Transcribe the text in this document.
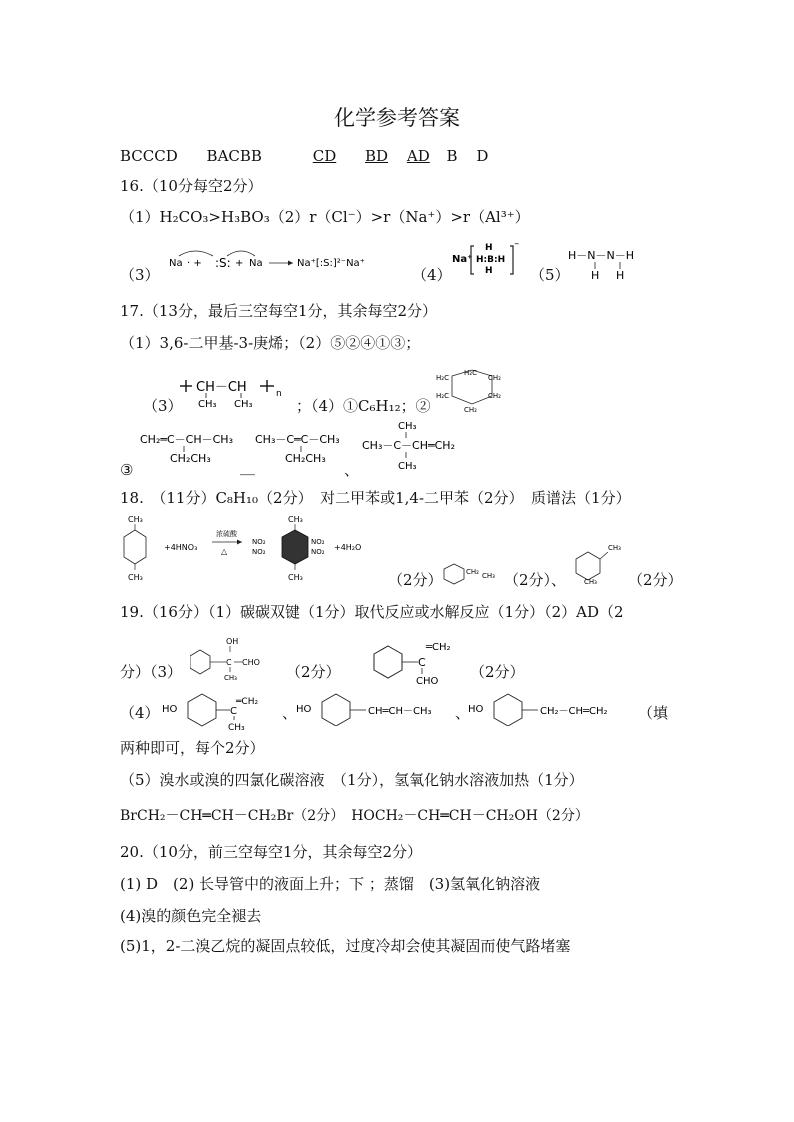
化学参考答案
BCCCD BACBB	CD BD AD B D
16.（10分每空2分）
（1）H₂CO₃>H₃BO₃（2）r（Cl⁻）>r（Na⁺）>r（Al³⁺）
（3）
Na · + :S: + Na	Na⁺[:S:]²⁻Na⁺
（4）
Na⁺
H
H:B:H
H
⁻
（5）
H－N－N－H
H H
17.（13分，最后三空每空1分，其余每空2分）
（1）3,6-二甲基-3-庚烯；（2）⑤②④①③；
（3）
CH－CH	n
CH₃ CH₃	；（4）①C₆H₁₂；②
H₂C
H₂C	CH₂
H₂C	CH₂
CH₂
CH₂═C－CH－CH₃
CH₂CH₃
CH₃－C═C－CH₃
CH₂CH₃
CH₃
CH₃－C－CH═CH₂
CH₃
③	＿	、
18.　（11分）C₈H₁₀（2分）　对二甲苯或1,4-二甲苯（2分）　质谱法（1分）
CH₃
CH₃
+4HNO₃
浓硫酸
△
CH₃
CH₃
NO₂
NO₂
NO₂
NO₂ +4H₂O
（2分）	CH₂ CH₃ （2分）、
CH₃
CH₃ （2分）
19.（16分）（1）碳碳双键（1分）取代反应或水解反应（1分）（2）AD（2
分）（3）
OH
C CHO
CH₃	（2分）
C
═CH₂
CHO
（2分）
（4） HO	C
═CH₂
CH₃
、
HO	CH═CH－CH₃ 、
HO	CH₂－CH═CH₂ （填
两种即可，每个2分）
（5）溴水或溴的四氯化碳溶液　（1分），氢氧化钠水溶液加热（1分）
BrCH₂－CH═CH－CH₂Br（2分）　HOCH₂－CH═CH－CH₂OH（2分）
20.（10分，前三空每空1分，其余每空2分）
(1) D　(2) 长导管中的液面上升；下 ；蒸馏　(3)氢氧化钠溶液
(4)溴的颜色完全褪去
(5)1，2-二溴乙烷的凝固点较低，过度冷却会使其凝固而使气路堵塞
